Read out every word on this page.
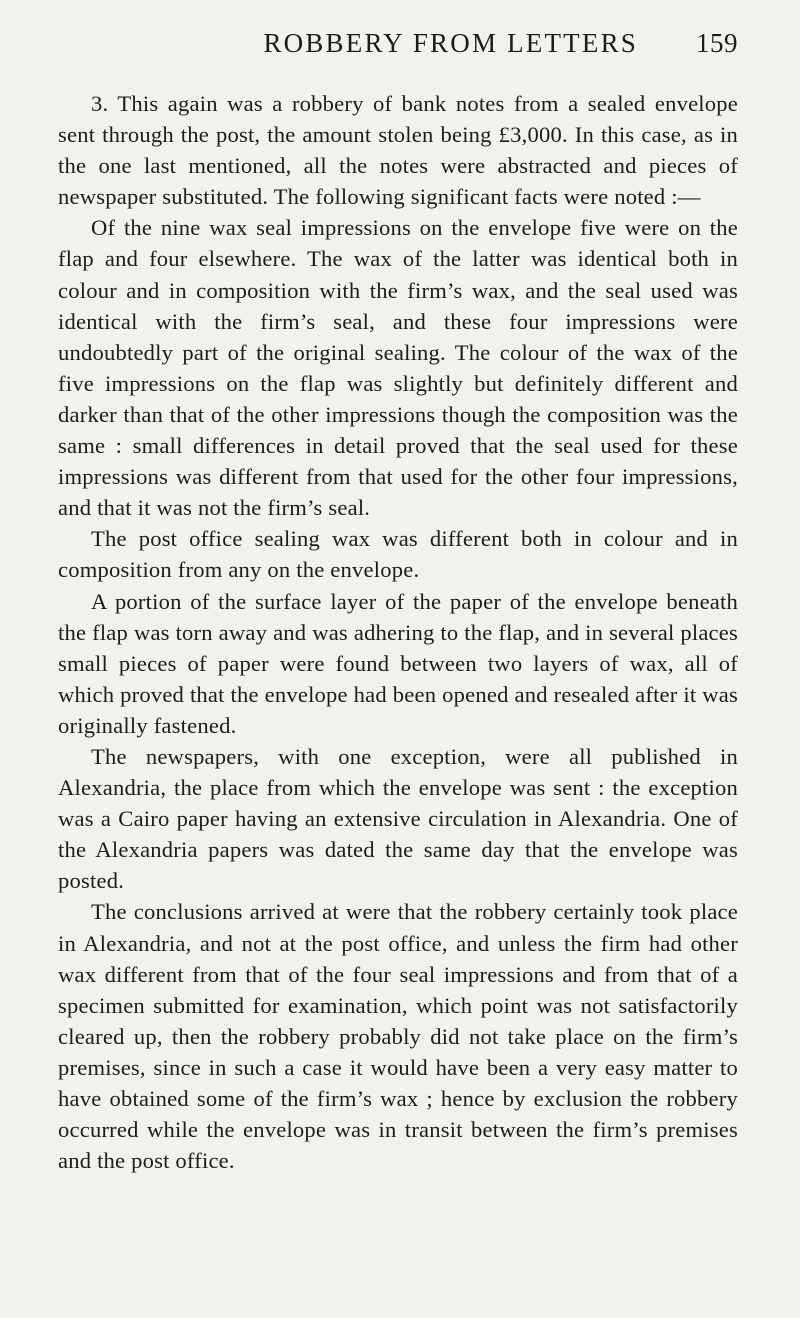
ROBBERY FROM LETTERS	159

3. This again was a robbery of bank notes from a sealed envelope sent through the post, the amount stolen being £3,000. In this case, as in the one last mentioned, all the notes were abstracted and pieces of newspaper substituted. The following significant facts were noted :—

Of the nine wax seal impressions on the envelope five were on the flap and four elsewhere. The wax of the latter was identical both in colour and in composition with the firm’s wax, and the seal used was identical with the firm’s seal, and these four impressions were undoubtedly part of the original sealing. The colour of the wax of the five impressions on the flap was slightly but definitely different and darker than that of the other impressions though the composition was the same : small differences in detail proved that the seal used for these impressions was different from that used for the other four impressions, and that it was not the firm’s seal.

The post office sealing wax was different both in colour and in composition from any on the envelope.

A portion of the surface layer of the paper of the envelope beneath the flap was torn away and was adhering to the flap, and in several places small pieces of paper were found between two layers of wax, all of which proved that the envelope had been opened and resealed after it was originally fastened.

The newspapers, with one exception, were all published in Alexandria, the place from which the envelope was sent : the exception was a Cairo paper having an extensive circulation in Alexandria. One of the Alexandria papers was dated the same day that the envelope was posted.

The conclusions arrived at were that the robbery certainly took place in Alexandria, and not at the post office, and unless the firm had other wax different from that of the four seal impressions and from that of a specimen submitted for examination, which point was not satisfactorily cleared up, then the robbery probably did not take place on the firm’s premises, since in such a case it would have been a very easy matter to have obtained some of the firm’s wax ; hence by exclusion the robbery occurred while the envelope was in transit between the firm’s premises and the post office.
